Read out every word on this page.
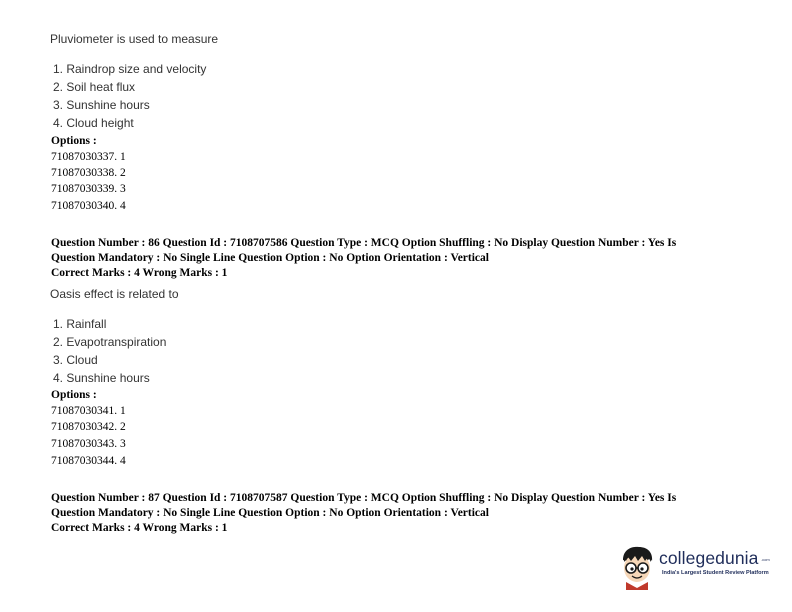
Pluviometer is used to measure
1. Raindrop size and velocity
2. Soil heat flux
3. Sunshine hours
4. Cloud height
Options :
71087030337. 1
71087030338. 2
71087030339. 3
71087030340. 4
Question Number : 86 Question Id : 7108707586 Question Type : MCQ Option Shuffling : No Display Question Number : Yes Is
Question Mandatory : No Single Line Question Option : No Option Orientation : Vertical
Correct Marks : 4 Wrong Marks : 1
Oasis effect is related to
1. Rainfall
2. Evapotranspiration
3. Cloud
4. Sunshine hours
Options :
71087030341. 1
71087030342. 2
71087030343. 3
71087030344. 4
Question Number : 87 Question Id : 7108707587 Question Type : MCQ Option Shuffling : No Display Question Number : Yes Is
Question Mandatory : No Single Line Question Option : No Option Orientation : Vertical
Correct Marks : 4 Wrong Marks : 1
collegedunia .com
India's Largest Student Review Platform
